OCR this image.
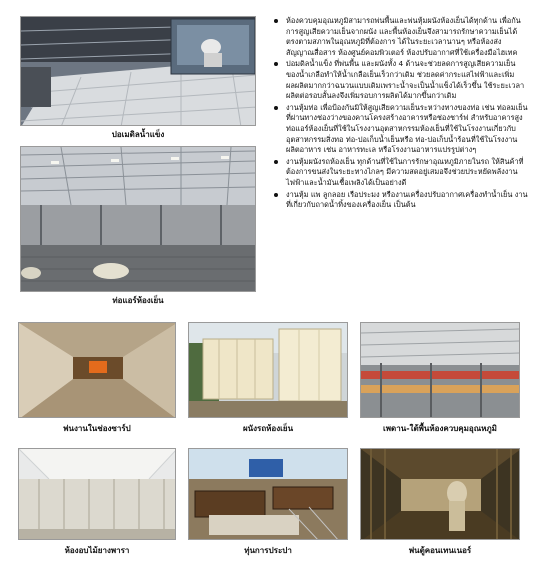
ปอเมดิลน้ำแข็ง
ท่อแอร์ห้องเย็น
ห้องควบคุมอุณหภูมิสามารถพ่นพื้นและพ่นหุ้มผนังห้องเย็นได้ทุกด้าน เพื่อกันการสูญเสียความเย็นจากผนัง และพื้นห้องเย็นจึงสามารถรักษาความเย็นได้ตรงตามสภาพในอุณหภูมิที่ต้องการ ได้ในระยะเวลานานๆ หรือห้องส่งสัญญาณสื่อสาร ห้องศูนย์คอมพิวเตอร์ ห้องปรับอากาศที่ใช้เครื่องมือไฮเทค
ปอมดิลน้ำแข็ง ที่พ่นพื้น และผนังทั้ง 4 ด้านจะช่วยลดการสูญเสียความเย็นของน้ำเกลือทำให้น้ำเกลือเย็นเร็วกว่าเดิม ช่วยลดค่ากระแสไฟฟ้าและเพิ่มผลผลิตมากกว่าฉนวนแบบเดิมเพราะน้ำจะเป็นน้ำแข็งได้เร็วขึ้น ใช้ระยะเวลาผลิตต่อรอบสั้นลงจึงเพิ่มรอบการผลิตได้มากขึ้นกว่าเดิม
งานหุ้มท่อ เพื่อป้องกันมิให้สูญเสียความเย็นระหว่างทางของท่อ เช่น ท่อลมเย็นที่ผ่านทางช่องว่างของคานโครงสร้างอาคารหรือช่องชาร์ฟ สำหรับอาคารสูง ท่อแอร์ห้องเย็นที่ใช้ในโรงงานอุตสาหกรรมห้องเย็นที่ใช้ในโรงงานเกี่ยวกับอุตสาหกรรมสิ่งทอ ท่อ-ปอเก็บน้ำเย็นหรือ ท่อ-ปอเก็บน้ำร้อนที่ใช้ในโรงงานผลิตอาหาร เช่น อาหารทะเล หรือโรงงานอาหารแปรรูปต่างๆ
งานหุ้มผนังรถห้องเย็น ทุกด้านที่ใช้ในการรักษาอุณหภูมิภายในรถ ให้สินค้าที่ต้องการขนส่งในระยะทางไกลๆ มีความสดอยู่เสมอจึงช่วยประหยัดพลังงานไฟฟ้าและน้ำมันเชื้อเพลิงได้เป็นอย่างดี
งานหุ้ม แพ ลูกลอย เรือประมง หรืองานเครื่องปรับอากาศเครื่องทำน้ำเย็น งานที่เกี่ยวกับถาดน้ำทิ้งของเครื่องเย็น เป็นต้น
พ่นงานในช่องซาร์ป	ผนังรถห้องเย็น	เพดาน-ใต้พื้นห้องควบคุมอุณหภูมิ
ห้องอบไม้ยางพารา	ทุ่นการประปา	พ่นตู้คอนเทนเนอร์
